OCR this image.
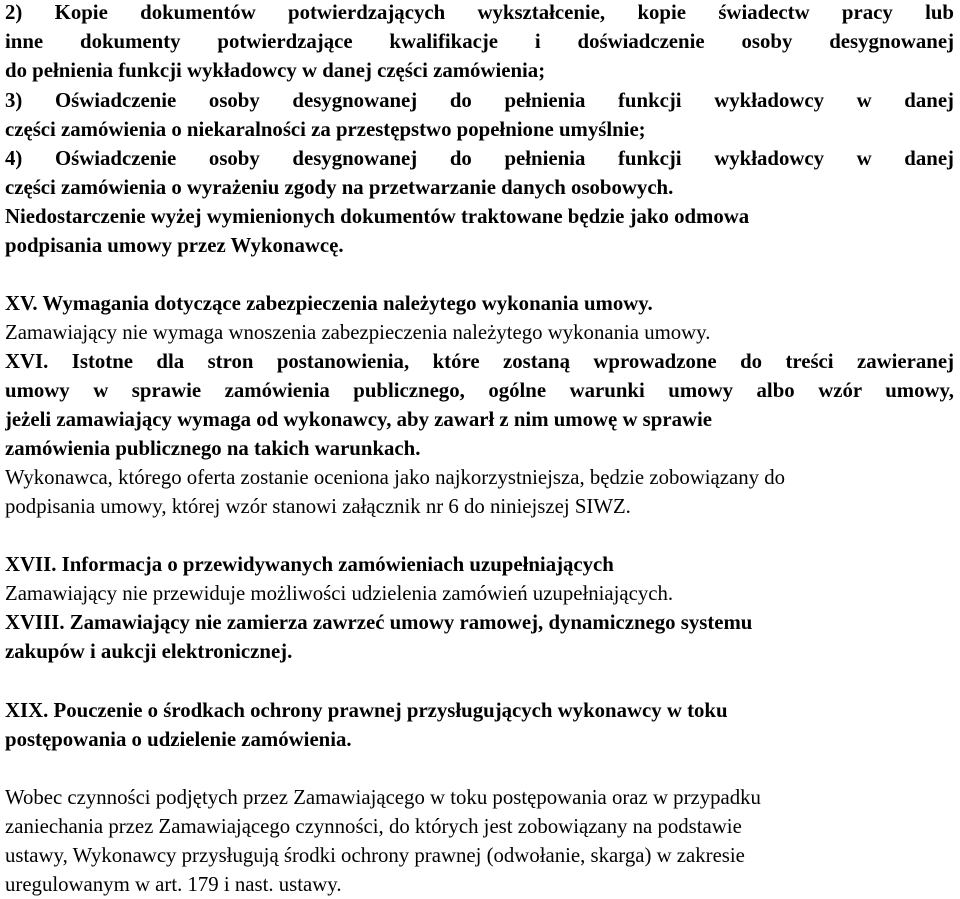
2) Kopie dokumentów potwierdzających wykształcenie, kopie świadectw pracy lub
inne dokumenty potwierdzające kwalifikacje i doświadczenie osoby desygnowanej
do pełnienia funkcji wykładowcy w danej części zamówienia;
3) Oświadczenie osoby desygnowanej do pełnienia funkcji wykładowcy w danej
części zamówienia o niekaralności za przestępstwo popełnione umyślnie;
4) Oświadczenie osoby desygnowanej do pełnienia funkcji wykładowcy w danej
części zamówienia o wyrażeniu zgody na przetwarzanie danych osobowych.
Niedostarczenie wyżej wymienionych dokumentów traktowane będzie jako odmowa
podpisania umowy przez Wykonawcę.
XV. Wymagania dotyczące zabezpieczenia należytego wykonania umowy.
Zamawiający nie wymaga wnoszenia zabezpieczenia należytego wykonania umowy.
XVI. Istotne dla stron postanowienia, które zostaną wprowadzone do treści zawieranej
umowy w sprawie zamówienia publicznego, ogólne warunki umowy albo wzór umowy,
jeżeli zamawiający wymaga od wykonawcy, aby zawarł z nim umowę w sprawie
zamówienia publicznego na takich warunkach.
Wykonawca, którego oferta zostanie oceniona jako najkorzystniejsza, będzie zobowiązany do
podpisania umowy, której wzór stanowi załącznik nr 6 do niniejszej SIWZ.
XVII. Informacja o przewidywanych zamówieniach uzupełniających
Zamawiający nie przewiduje możliwości udzielenia zamówień uzupełniających.
XVIII. Zamawiający nie zamierza zawrzeć umowy ramowej, dynamicznego systemu
zakupów i aukcji elektronicznej.
XIX. Pouczenie o środkach ochrony prawnej przysługujących wykonawcy w toku
postępowania o udzielenie zamówienia.
Wobec czynności podjętych przez Zamawiającego w toku postępowania oraz w przypadku
zaniechania przez Zamawiającego czynności, do których jest zobowiązany na podstawie
ustawy, Wykonawcy przysługują środki ochrony prawnej (odwołanie, skarga) w zakresie
uregulowanym w art. 179 i nast. ustawy.
